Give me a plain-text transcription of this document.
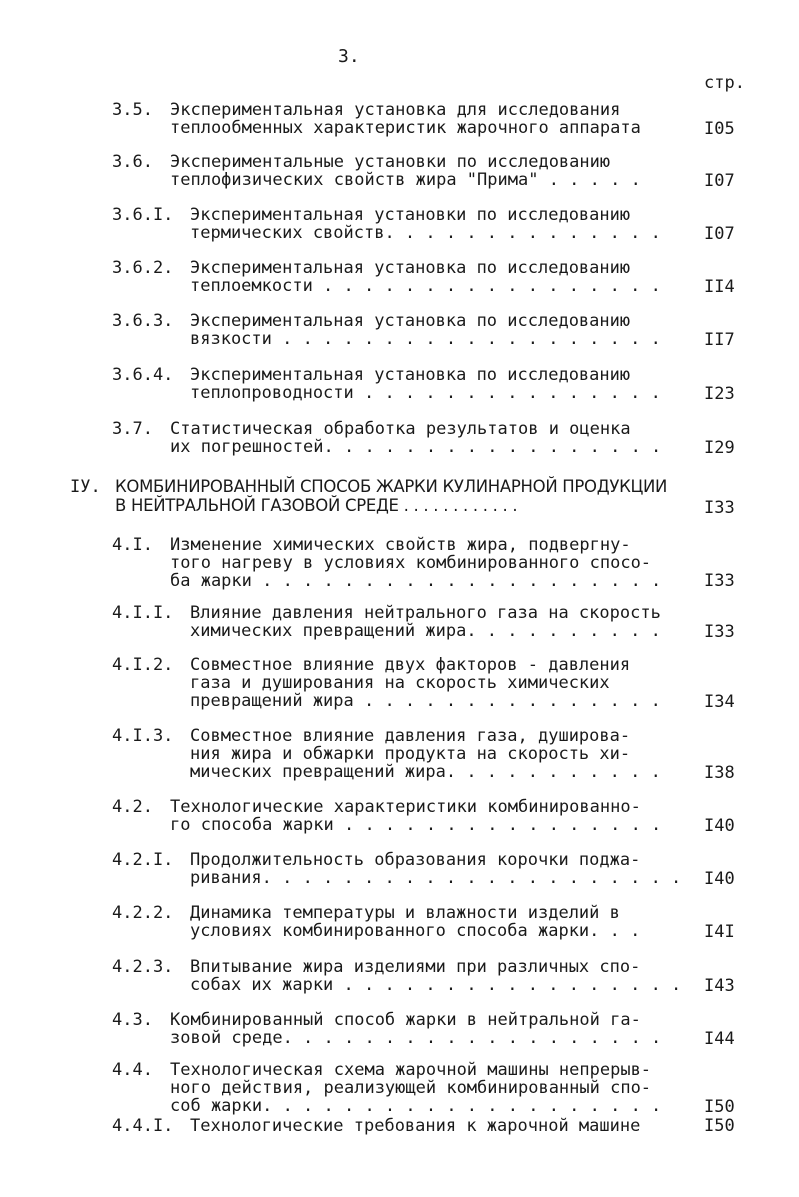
3.
стр.
3.5. Экспериментальная установка для исследования
теплообменных характеристик жарочного аппарата	I05
3.6. Экспериментальные установки по исследованию
теплофизических свойств жира "Прима" . . . . .	I07
3.6.I. Экспериментальная установки по исследованию
термических свойств. . . . . . . . . . . . . .	I07
3.6.2. Экспериментальная установка по исследованию
теплоемкости . . . . . . . . . . . . . . . . .	II4
3.6.3. Экспериментальная установка по исследованию
вязкости . . . . . . . . . . . . . . . . . . .	II7
3.6.4. Экспериментальная установка по исследованию
теплопроводности . . . . . . . . . . . . . . .	I23
3.7. Статистическая обработка результатов и оценка
их погрешностей. . . . . . . . . . . . . . . . .	I29
IУ. КОМБИНИРОВАННЫЙ СПОСОБ ЖАРКИ КУЛИНАРНОЙ ПРОДУКЦИИ
В НЕЙТРАЛЬНОЙ ГАЗОВОЙ СРЕДЕ . . . . . . . . . . . .	I33
4.I. Изменение химических свойств жира, подвергну-
того нагреву в условиях комбинированного спосо-
ба жарки . . . . . . . . . . . . . . . . . . . .	I33
4.I.I. Влияние давления нейтрального газа на скорость
химических превращений жира. . . . . . . . . .	I33
4.I.2. Совместное влияние двух факторов - давления
газа и душирования на скорость химических
превращений жира . . . . . . . . . . . . . . .	I34
4.I.3. Совместное влияние давления газа, душирова-
ния жира и обжарки продукта на скорость хи-
мических превращений жира. . . . . . . . . . .	I38
4.2. Технологические характеристики комбинированно-
го способа жарки . . . . . . . . . . . . . . . .	I40
4.2.I. Продолжительность образования корочки поджа-
ривания. . . . . . . . . . . . . . . . . . . . . I40
4.2.2. Динамика температуры и влажности изделий в
условиях комбинированного способа жарки. . .	I4I
4.2.3. Впитывание жира изделиями при различных спо-
собах их жарки . . . . . . . . . . . . . . . . . I43
4.3. Комбинированный способ жарки в нейтральной га-
зовой среде. . . . . . . . . . . . . . . . . . .	I44
4.4. Технологическая схема жарочной машины непрерыв-
ного действия, реализующей комбинированный спо-
соб жарки. . . . . . . . . . . . . . . . . . . .	I50
4.4.I. Технологические требования к жарочной машине	I50
